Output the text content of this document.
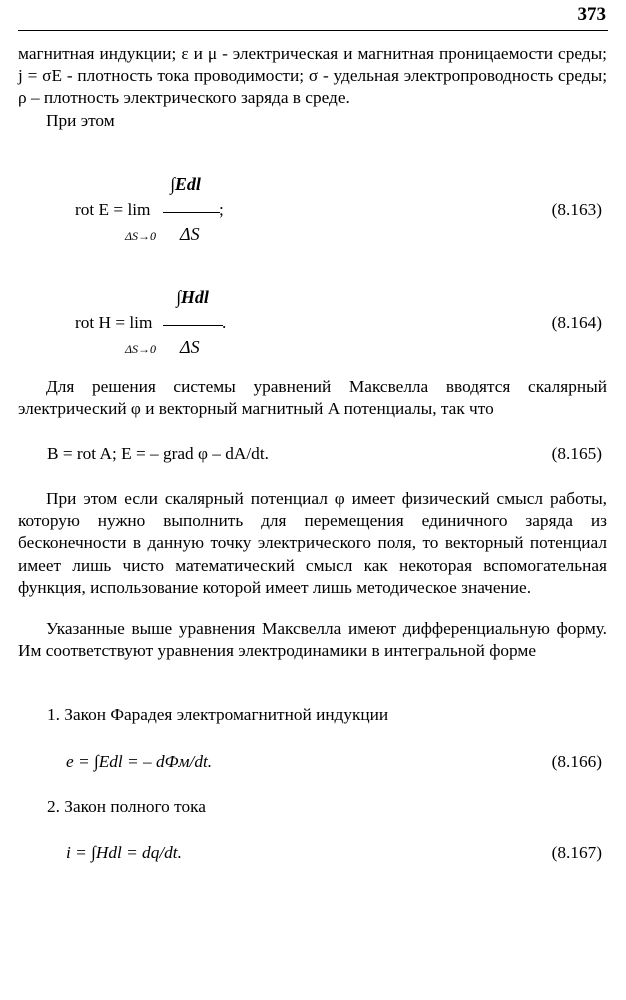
373
магнитная индукции; ε и μ - электрическая и магнитная проницаемости среды; j = σE - плотность тока проводимости; σ - удельная электропроводность среды; ρ – плотность электрического заряда в среде.
При этом
rot E = lim
∫Edl
;
ΔS→0 ΔS
(8.163)
rot H = lim
∫Hdl
.
ΔS→0 ΔS
(8.164)
Для решения системы уравнений Максвелла вводятся скалярный электрический φ и векторный магнитный A потенциалы, так что
B = rot A; E = – grad φ – dA/dt.	(8.165)
При этом если скалярный потенциал φ имеет физический смысл работы, которую нужно выполнить для перемещения единичного заряда из бесконечности в данную точку электрического поля, то векторный потенциал имеет лишь чисто математический смысл как некоторая вспомогательная функция, использование которой имеет лишь методическое значение.
Указанные выше уравнения Максвелла имеют дифференциальную форму. Им соответствуют уравнения электродинамики в интегральной форме
1. Закон Фарадея электромагнитной индукции
e = ∫Edl = – dФм/dt.	(8.166)
2. Закон полного тока
i = ∫Hdl = dq/dt.	(8.167)
